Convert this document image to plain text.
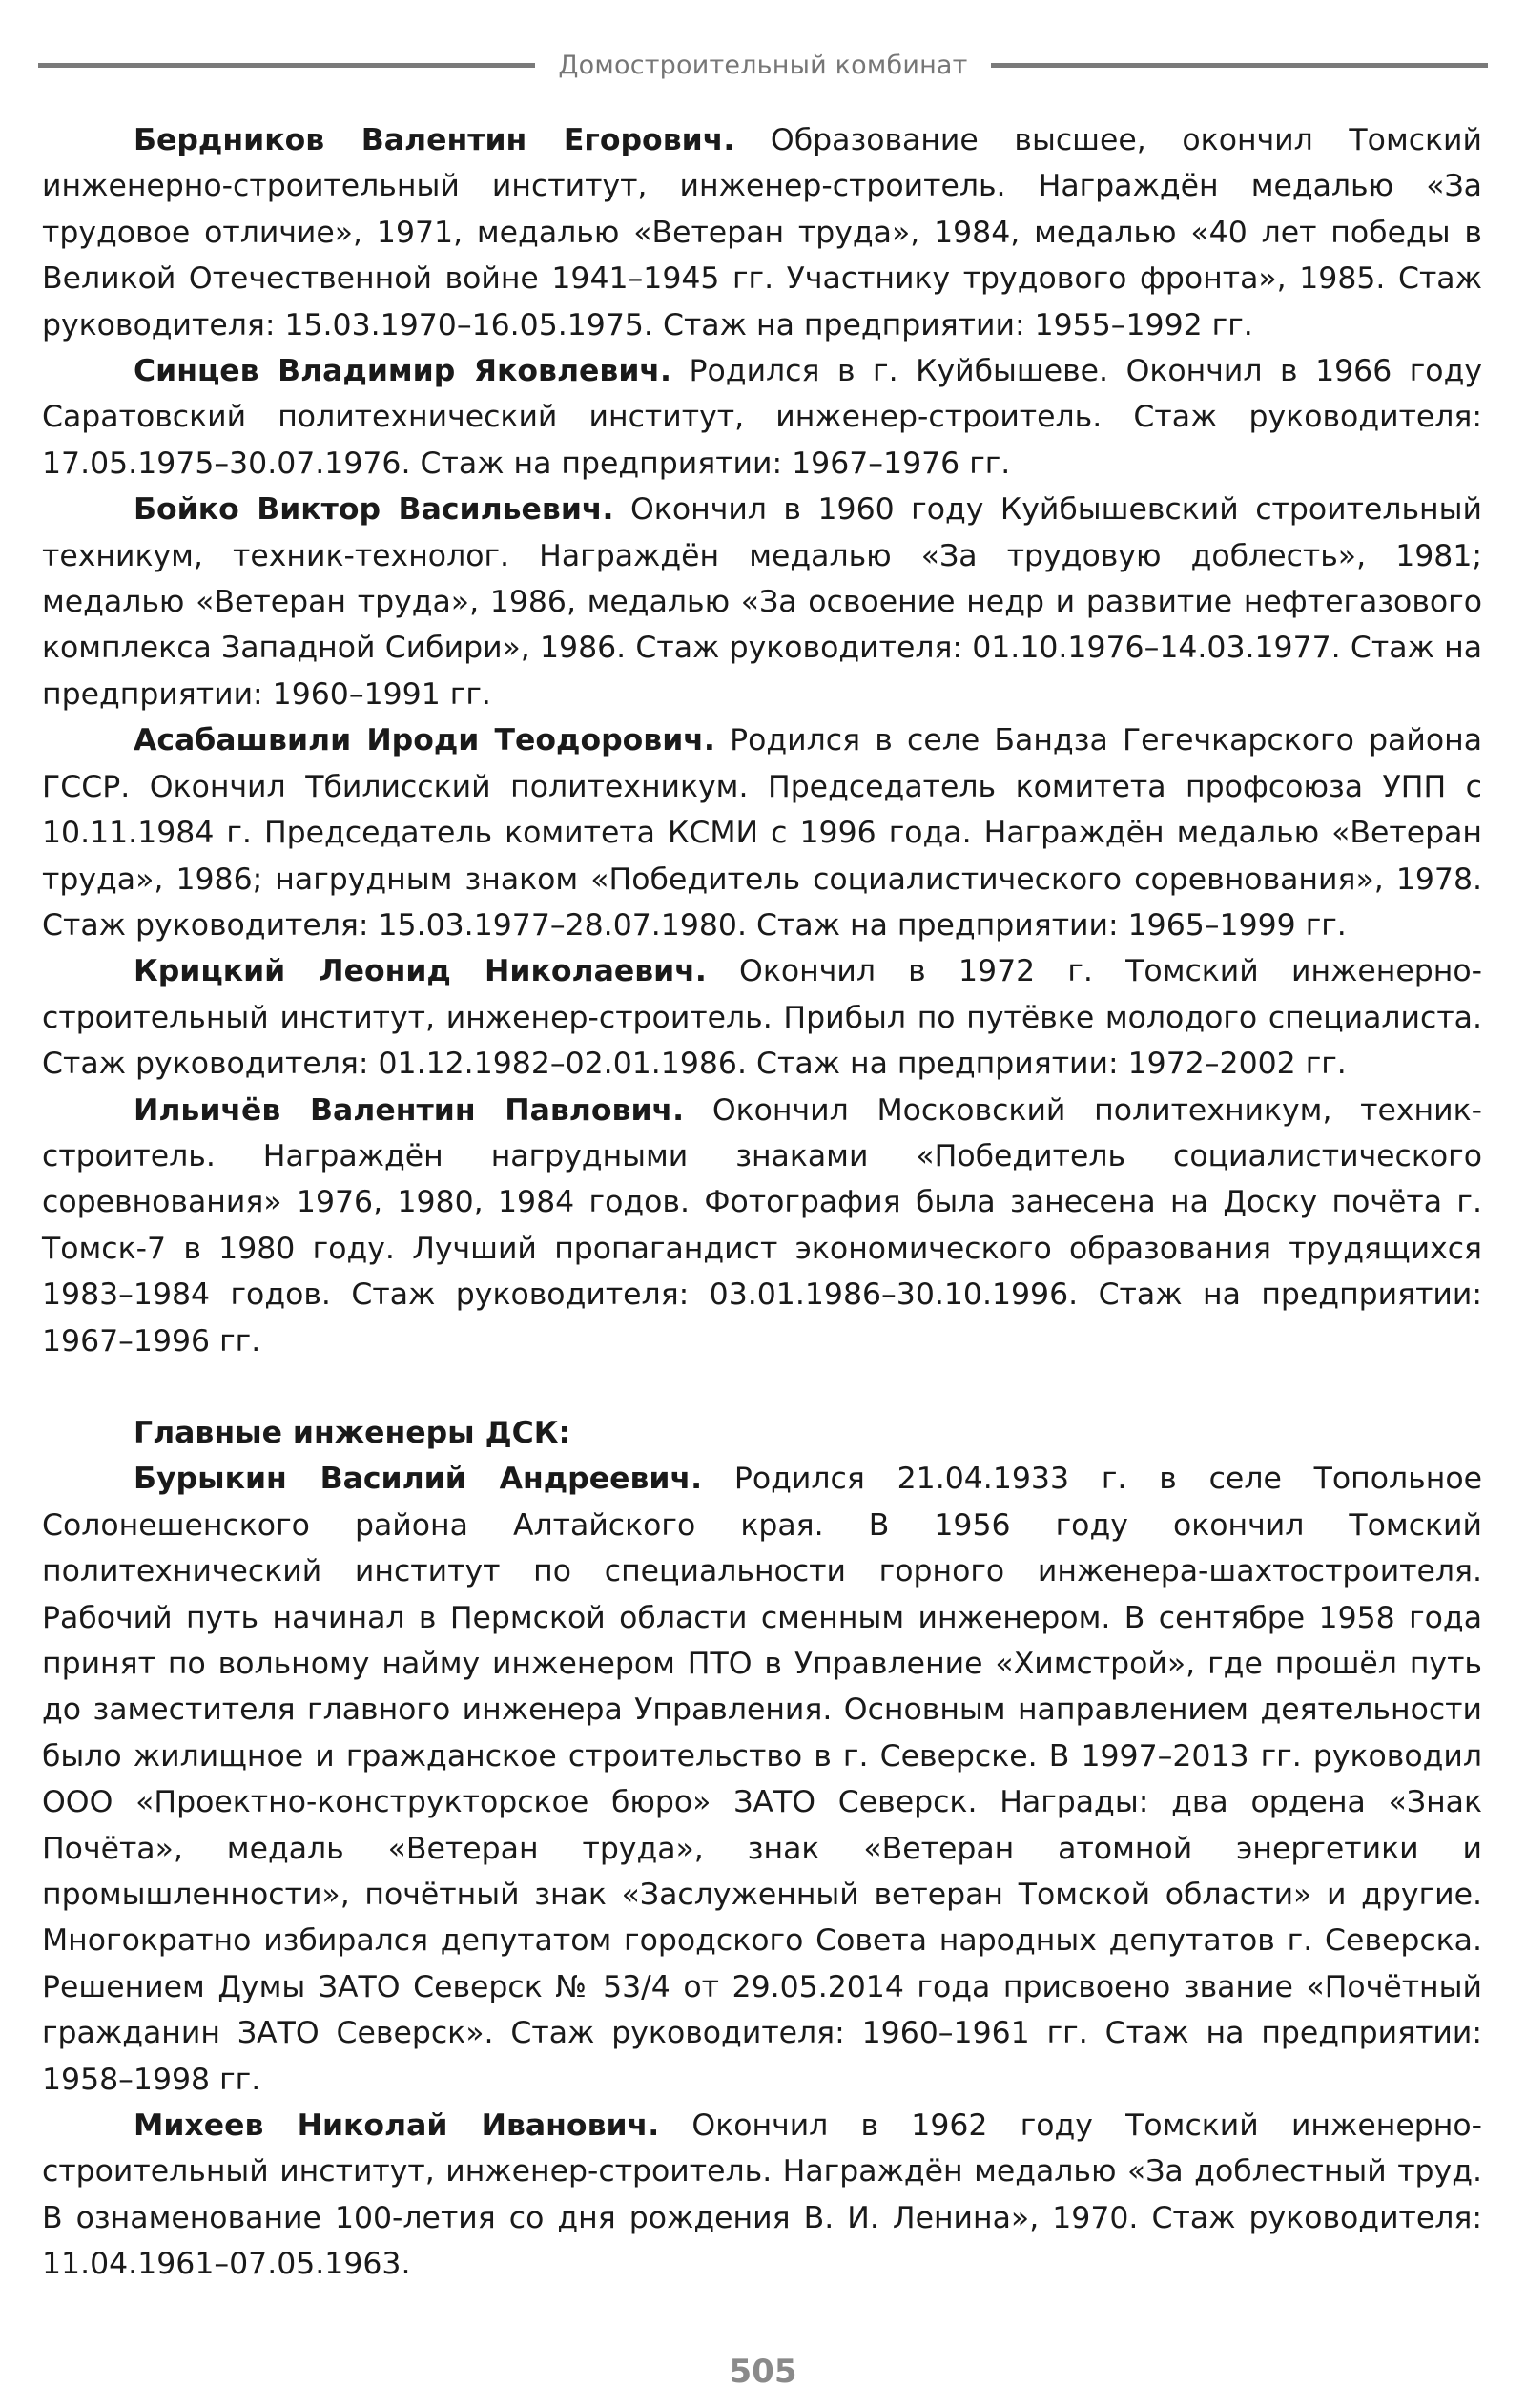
Домостроительный комбинат

Бердников Валентин Егорович. Образование высшее, окончил Томский инженерно-строительный институт, инженер-строитель. Награждён медалью «За трудовое отличие», 1971, медалью «Ветеран труда», 1984, медалью «40 лет победы в Великой Отечественной войне 1941–1945 гг. Участнику трудового фронта», 1985. Стаж руководителя: 15.03.1970–16.05.1975. Стаж на предприятии: 1955–1992 гг.

Синцев Владимир Яковлевич. Родился в г. Куйбышеве. Окончил в 1966 году Саратовский политехнический институт, инженер-строитель. Стаж руководителя: 17.05.1975–30.07.1976. Стаж на предприятии: 1967–1976 гг.

Бойко Виктор Васильевич. Окончил в 1960 году Куйбышевский строительный техникум, техник-технолог. Награждён медалью «За трудовую доблесть», 1981; медалью «Ветеран труда», 1986, медалью «За освоение недр и развитие нефтегазового комплекса Западной Сибири», 1986. Стаж руководителя: 01.10.1976–14.03.1977. Стаж на предприятии: 1960–1991 гг.

Асабашвили Ироди Теодорович. Родился в селе Бандза Гегечкарского района ГССР. Окончил Тбилисский политехникум. Председатель комитета профсоюза УПП с 10.11.1984 г. Председатель комитета КСМИ с 1996 года. Награждён медалью «Ветеран труда», 1986; нагрудным знаком «Победитель социалистического соревнования», 1978. Стаж руководителя: 15.03.1977–28.07.1980. Стаж на предприятии: 1965–1999 гг.

Крицкий Леонид Николаевич. Окончил в 1972 г. Томский инженерно-строительный институт, инженер-строитель. Прибыл по путёвке молодого специалиста. Стаж руководителя: 01.12.1982–02.01.1986. Стаж на предприятии: 1972–2002 гг.

Ильичёв Валентин Павлович. Окончил Московский политехникум, техник-строитель. Награждён нагрудными знаками «Победитель социалистического соревнования» 1976, 1980, 1984 годов. Фотография была занесена на Доску почёта г. Томск-7 в 1980 году. Лучший пропагандист экономического образования трудящихся 1983–1984 годов. Стаж руководителя: 03.01.1986–30.10.1996. Стаж на предприятии: 1967–1996 гг.

Главные инженеры ДСК:

Бурыкин Василий Андреевич. Родился 21.04.1933 г. в селе Топольное Солонешенского района Алтайского края. В 1956 году окончил Томский политехнический институт по специальности горного инженера-шахтостроителя. Рабочий путь начинал в Пермской области сменным инженером. В сентябре 1958 года принят по вольному найму инженером ПТО в Управление «Химстрой», где прошёл путь до заместителя главного инженера Управления. Основным направлением деятельности было жилищное и гражданское строительство в г. Северске. В 1997–2013 гг. руководил ООО «Проектно-конструкторское бюро» ЗАТО Северск. Награды: два ордена «Знак Почёта», медаль «Ветеран труда», знак «Ветеран атомной энергетики и промышленности», почётный знак «Заслуженный ветеран Томской области» и другие. Многократно избирался депутатом городского Совета народных депутатов г. Северска. Решением Думы ЗАТО Северск № 53/4 от 29.05.2014 года присвоено звание «Почётный гражданин ЗАТО Северск». Стаж руководителя: 1960–1961 гг. Стаж на предприятии: 1958–1998 гг.

Михеев Николай Иванович. Окончил в 1962 году Томский инженерно-строительный институт, инженер-строитель. Награждён медалью «За доблестный труд. В ознаменование 100-летия со дня рождения В. И. Ленина», 1970. Стаж руководителя: 11.04.1961–07.05.1963.

505
